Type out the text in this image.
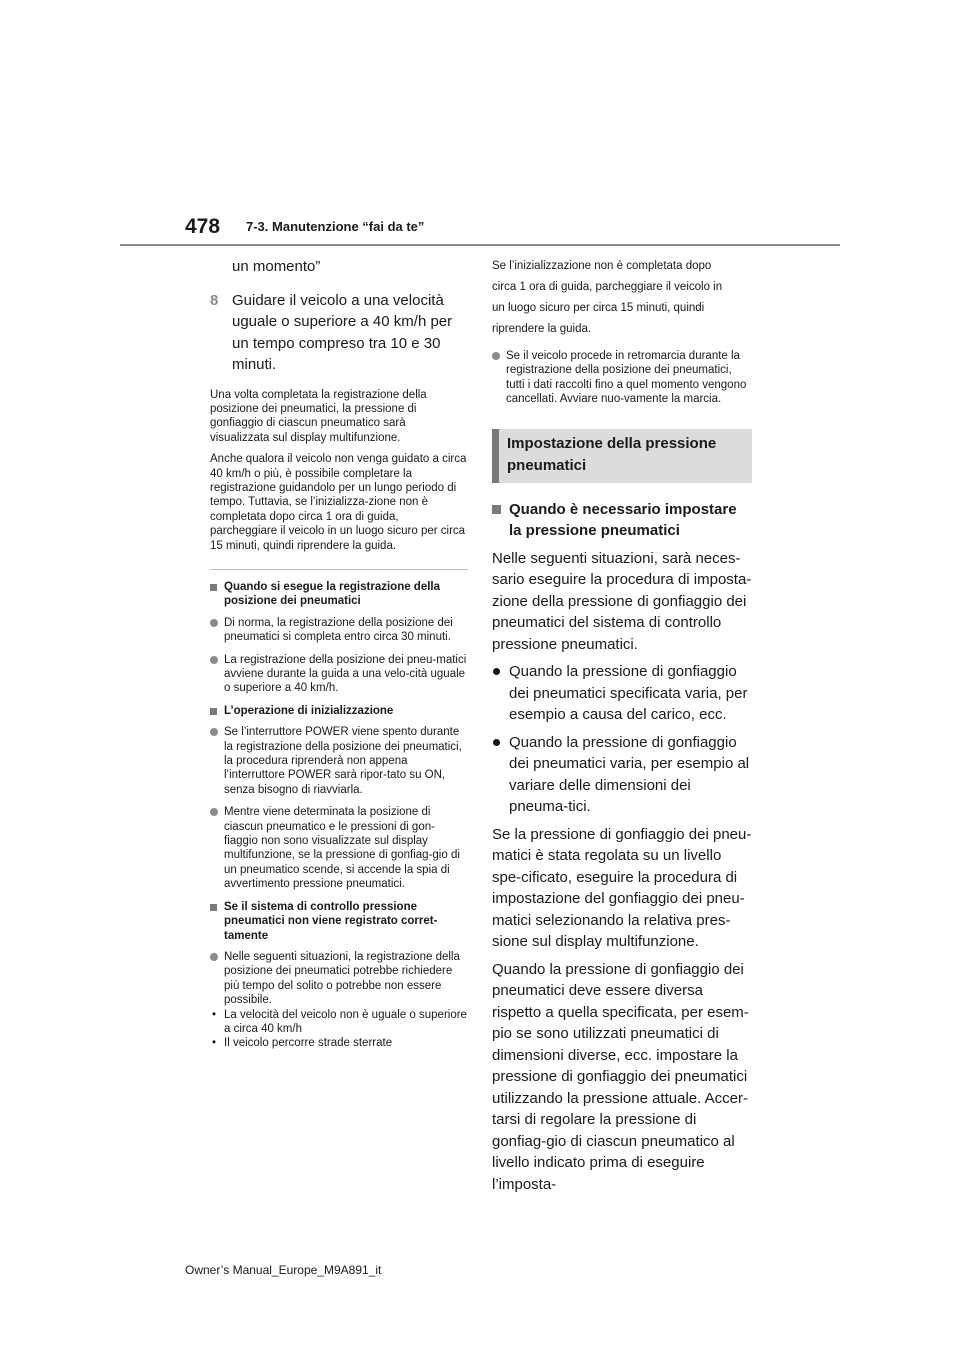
478 7-3. Manutenzione “fai da te”

un momento”

8 Guidare il veicolo a una velocità uguale o superiore a 40 km/h per un tempo compreso tra 10 e 30 minuti.

Una volta completata la registrazione della posizione dei pneumatici, la pressione di gonfiaggio di ciascun pneumatico sarà visualizzata sul display multifunzione.

Anche qualora il veicolo non venga guidato a circa 40 km/h o più, è possibile completare la registrazione guidandolo per un lungo periodo di tempo. Tuttavia, se l’inizializza-zione non è completata dopo circa 1 ora di guida, parcheggiare il veicolo in un luogo sicuro per circa 15 minuti, quindi riprendere la guida.

Quando si esegue la registrazione della posizione dei pneumatici
Di norma, la registrazione della posizione dei pneumatici si completa entro circa 30 minuti.
La registrazione della posizione dei pneu-matici avviene durante la guida a una velo-cità uguale o superiore a 40 km/h.
L’operazione di inizializzazione
Se l’interruttore POWER viene spento durante la registrazione della posizione dei pneumatici, la procedura riprenderà non appena l’interruttore POWER sarà ripor-tato su ON, senza bisogno di riavviarla.
Mentre viene determinata la posizione di ciascun pneumatico e le pressioni di gon-fiaggio non sono visualizzate sul display multifunzione, se la pressione di gonfiag-gio di un pneumatico scende, si accende la spia di avvertimento pressione pneumatici.
Se il sistema di controllo pressione pneumatici non viene registrato corret-tamente
Nelle seguenti situazioni, la registrazione della posizione dei pneumatici potrebbe richiedere più tempo del solito o potrebbe non essere possibile.
• La velocità del veicolo non è uguale o superiore a circa 40 km/h
• Il veicolo percorre strade sterrate

Se l’inizializzazione non è completata dopo

circa 1 ora di guida, parcheggiare il veicolo in

un luogo sicuro per circa 15 minuti, quindi

riprendere la guida.

Se il veicolo procede in retromarcia durante la registrazione della posizione dei pneumatici, tutti i dati raccolti fino a quel momento vengono cancellati. Avviare nuo-vamente la marcia.
Impostazione della pressione pneumatici
Quando è necessario impostare la pressione pneumatici

Nelle seguenti situazioni, sarà neces-sario eseguire la procedura di imposta-zione della pressione di gonfiaggio dei pneumatici del sistema di controllo pressione pneumatici.

Quando la pressione di gonfiaggio dei pneumatici specificata varia, per esempio a causa del carico, ecc.
Quando la pressione di gonfiaggio dei pneumatici varia, per esempio al variare delle dimensioni dei pneuma-tici.

Se la pressione di gonfiaggio dei pneu-matici è stata regolata su un livello spe-cificato, eseguire la procedura di impostazione del gonfiaggio dei pneu-matici selezionando la relativa pres-sione sul display multifunzione.

Quando la pressione di gonfiaggio dei pneumatici deve essere diversa rispetto a quella specificata, per esem-pio se sono utilizzati pneumatici di dimensioni diverse, ecc. impostare la pressione di gonfiaggio dei pneumatici utilizzando la pressione attuale. Accer-tarsi di regolare la pressione di gonfiag-gio di ciascun pneumatico al livello indicato prima di eseguire l’imposta-

Owner’s Manual_Europe_M9A891_it
